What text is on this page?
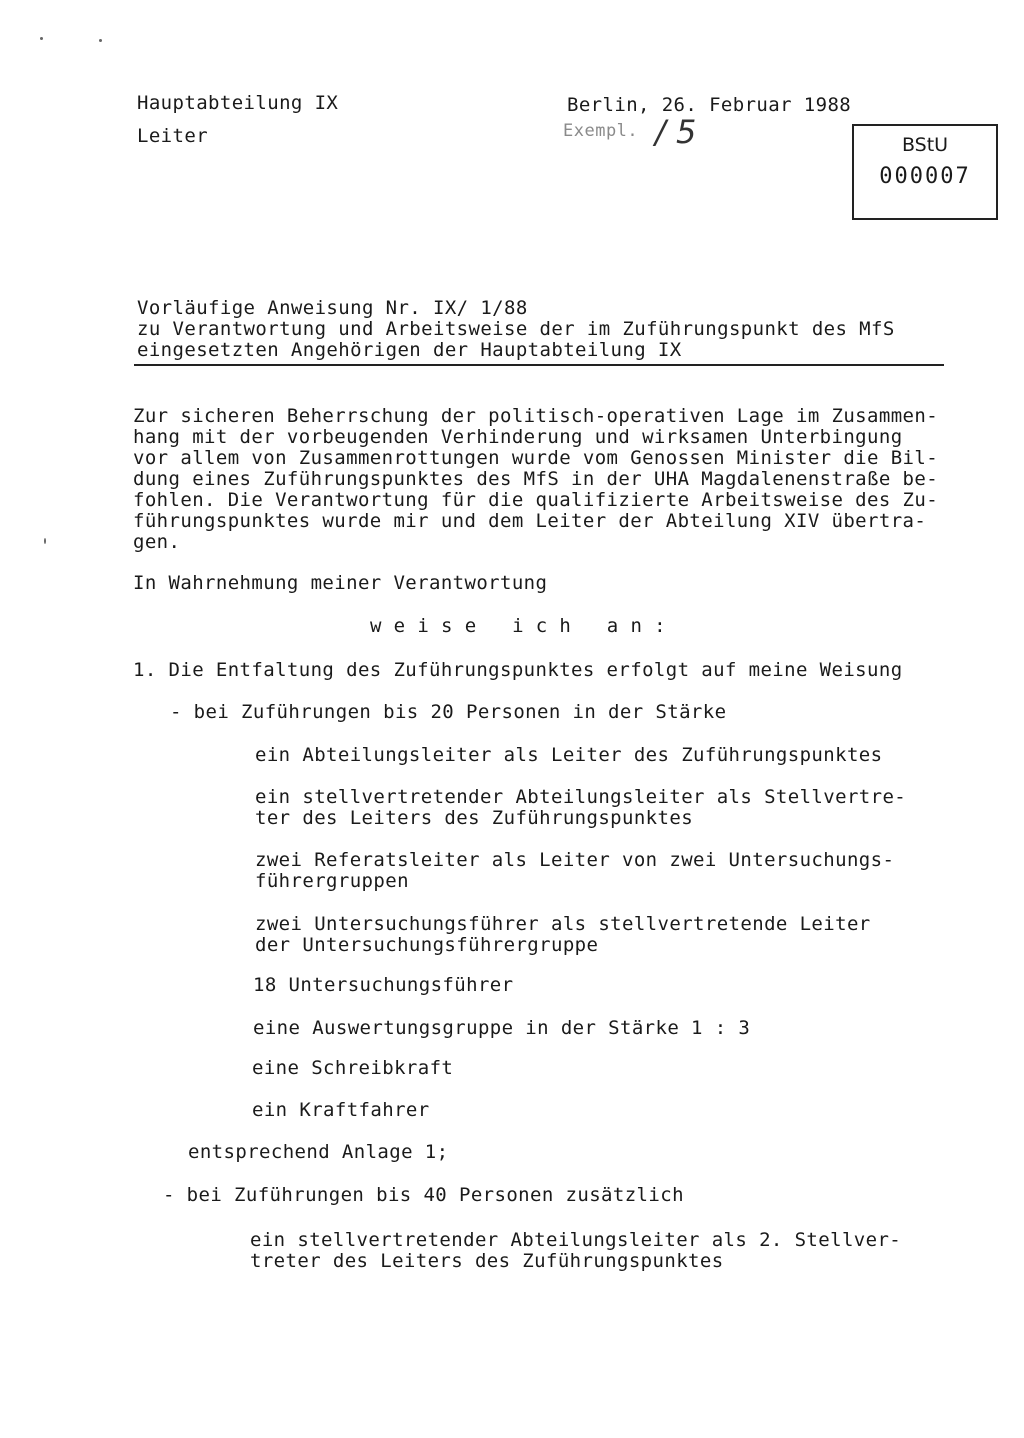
Hauptabteilung IX
Leiter
Berlin, 26. Februar 1988
Exempl. / 5	BStU
000007
Vorläufige Anweisung Nr. IX/ 1/88
zu Verantwortung und Arbeitsweise der im Zuführungspunkt des MfS
eingesetzten Angehörigen der Hauptabteilung IX
Zur sicheren Beherrschung der politisch-operativen Lage im Zusammen-
hang mit der vorbeugenden Verhinderung und wirksamen Unterbingung
vor allem von Zusammenrottungen wurde vom Genossen Minister die Bil-
dung eines Zuführungspunktes des MfS in der UHA Magdalenenstraße be-
fohlen. Die Verantwortung für die qualifizierte Arbeitsweise des Zu-
führungspunktes wurde mir und dem Leiter der Abteilung XIV übertra-
gen.
In Wahrnehmung meiner Verantwortung
w e i s e   i c h   a n :
1. Die Entfaltung des Zuführungspunktes erfolgt auf meine Weisung
- bei Zuführungen bis 20 Personen in der Stärke
ein Abteilungsleiter als Leiter des Zuführungspunktes
ein stellvertretender Abteilungsleiter als Stellvertre-
ter des Leiters des Zuführungspunktes
zwei Referatsleiter als Leiter von zwei Untersuchungs-
führergruppen
zwei Untersuchungsführer als stellvertretende Leiter
der Untersuchungsführergruppe
18 Untersuchungsführer
eine Auswertungsgruppe in der Stärke 1 : 3
eine Schreibkraft
ein Kraftfahrer
entsprechend Anlage 1;
- bei Zuführungen bis 40 Personen zusätzlich
ein stellvertretender Abteilungsleiter als 2. Stellver-
treter des Leiters des Zuführungspunktes
